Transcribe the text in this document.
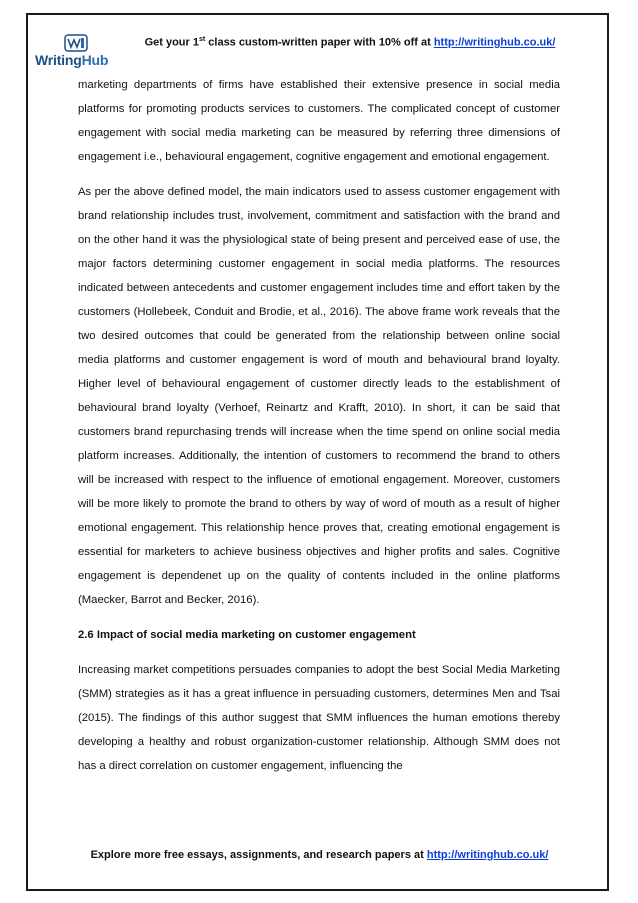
WritingHub
Get your 1st class custom-written paper with 10% off at http://writinghub.co.uk/

marketing departments of firms have established their extensive presence in social media platforms for promoting products services to customers. The complicated concept of customer engagement with social media marketing can be measured by referring three dimensions of engagement i.e., behavioural engagement, cognitive engagement and emotional engagement.

As per the above defined model, the main indicators used to assess customer engagement with brand relationship includes trust, involvement, commitment and satisfaction with the brand and on the other hand it was the physiological state of being present and perceived ease of use, the major factors determining customer engagement in social media platforms. The resources indicated between antecedents and customer engagement includes time and effort taken by the customers (Hollebeek, Conduit and Brodie, et al., 2016). The above frame work reveals that the two desired outcomes that could be generated from the relationship between online social media platforms and customer engagement is word of mouth and behavioural brand loyalty. Higher level of behavioural engagement of customer directly leads to the establishment of behavioural brand loyalty (Verhoef, Reinartz and Krafft, 2010). In short, it can be said that customers brand repurchasing trends will increase when the time spend on online social media platform increases. Additionally, the intention of customers to recommend the brand to others will be increased with respect to the influence of emotional engagement. Moreover, customers will be more likely to promote the brand to others by way of word of mouth as a result of higher emotional engagement. This relationship hence proves that, creating emotional engagement is essential for marketers to achieve business objectives and higher profits and sales. Cognitive engagement is dependenet up on the quality of contents included in the online platforms (Maecker, Barrot and Becker, 2016).

2.6 Impact of social media marketing on customer engagement

Increasing market competitions persuades companies to adopt the best Social Media Marketing (SMM) strategies as it has a great influence in persuading customers, determines Men and Tsai (2015). The findings of this author suggest that SMM influences the human emotions thereby developing a healthy and robust organization-customer relationship. Although SMM does not has a direct correlation on customer engagement, influencing the

Explore more free essays, assignments, and research papers at http://writinghub.co.uk/
